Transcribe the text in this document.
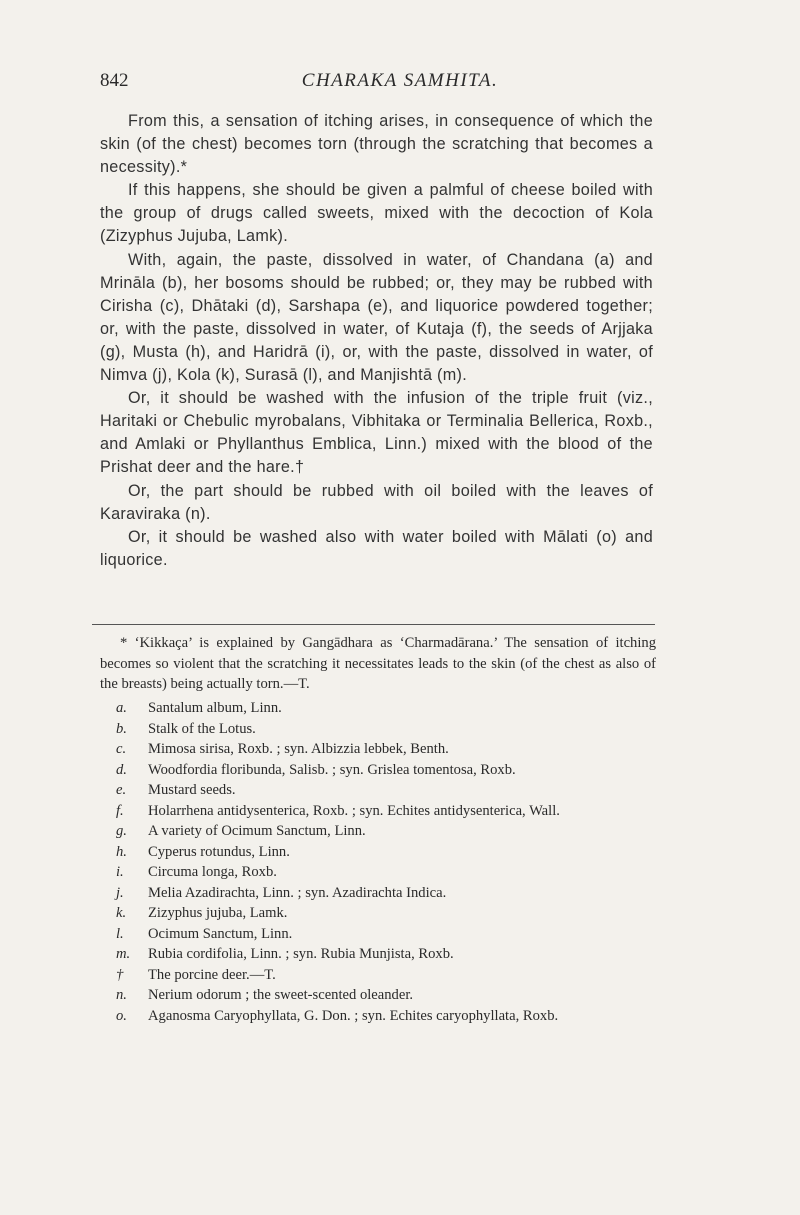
842	CHARAKA SAMHITA.

From this, a sensation of itching arises, in consequence of which the skin (of the chest) becomes torn (through the scratching that becomes a necessity).*

If this happens, she should be given a palmful of cheese boiled with the group of drugs called sweets, mixed with the decoction of Kola (Zizyphus Jujuba, Lamk).

With, again, the paste, dissolved in water, of Chandana (a) and Mrināla (b), her bosoms should be rubbed; or, they may be rubbed with Cirisha (c), Dhātaki (d), Sarshapa (e), and liquorice powdered together; or, with the paste, dissolved in water, of Kutaja (f), the seeds of Arjjaka (g), Musta (h), and Haridrā (i), or, with the paste, dissolved in water, of Nimva (j), Kola (k), Surasā (l), and Manjishtā (m).

Or, it should be washed with the infusion of the triple fruit (viz., Haritaki or Chebulic myrobalans, Vibhitaka or Terminalia Bellerica, Roxb., and Amlaki or Phyllanthus Emblica, Linn.) mixed with the blood of the Prishat deer and the hare.†

Or, the part should be rubbed with oil boiled with the leaves of Karaviraka (n).

Or, it should be washed also with water boiled with Mālati (o) and liquorice.

* ‘Kikkaça’ is explained by Gangādhara as ‘Charmadārana.’ The sensation of itching becomes so violent that the scratching it necessitates leads to the skin (of the chest as also of the breasts) being actually torn.—T.

a. Santalum album, Linn.
b. Stalk of the Lotus.
c. Mimosa sirisa, Roxb. ; syn. Albizzia lebbek, Benth.
d. Woodfordia floribunda, Salisb. ; syn. Grislea tomentosa, Roxb.
e. Mustard seeds.
f. Holarrhena antidysenterica, Roxb. ; syn. Echites antidysenterica, Wall.
g. A variety of Ocimum Sanctum, Linn.
h. Cyperus rotundus, Linn.
i. Circuma longa, Roxb.
j. Melia Azadirachta, Linn. ; syn. Azadirachta Indica.
k. Zizyphus jujuba, Lamk.
l. Ocimum Sanctum, Linn.
m. Rubia cordifolia, Linn. ; syn. Rubia Munjista, Roxb.
† The porcine deer.—T.
n. Nerium odorum ; the sweet-scented oleander.
o. Aganosma Caryophyllata, G. Don. ; syn. Echites caryophyllata, Roxb.
